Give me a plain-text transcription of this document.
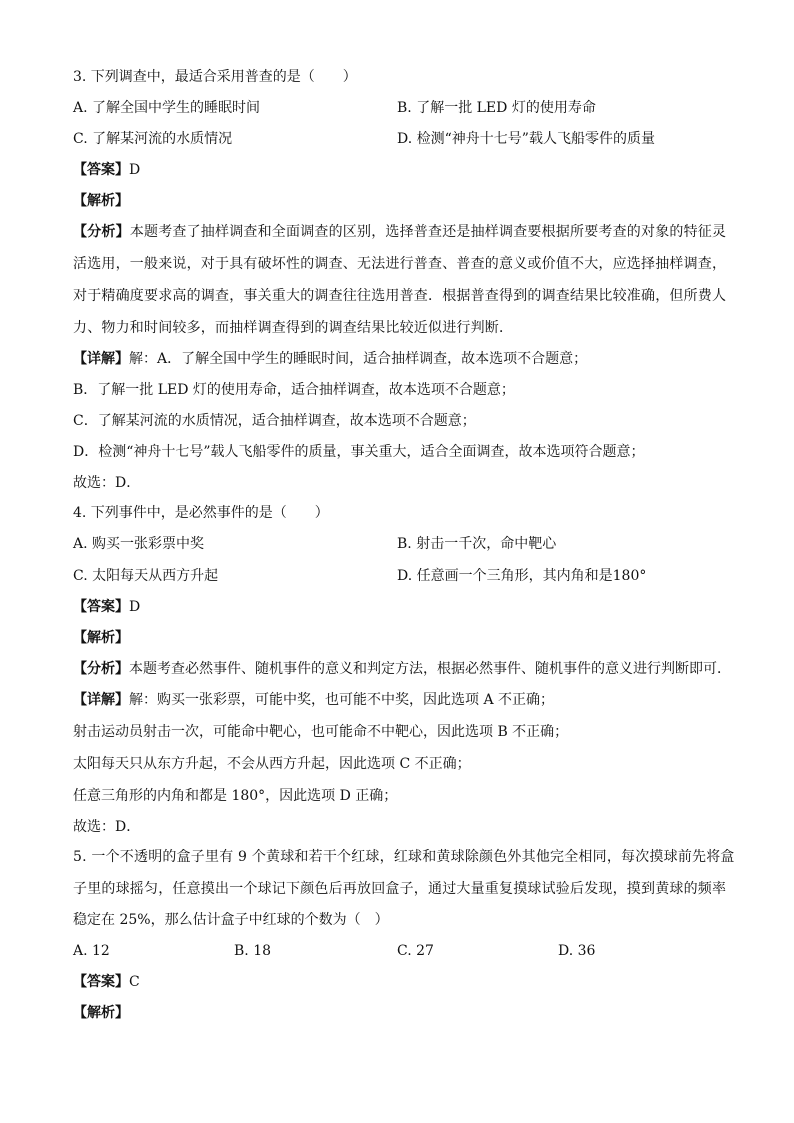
3. 下列调查中，最适合采用普查的是（　　）
A. 了解全国中学生的睡眠时间	B. 了解一批 LED 灯的使用寿命
C. 了解某河流的水质情况	D. 检测“神舟十七号”载人飞船零件的质量
【答案】D
【解析】
【分析】本题考查了抽样调查和全面调查的区别，选择普查还是抽样调查要根据所要考查的对象的特征灵
活选用，一般来说，对于具有破坏性的调查、无法进行普查、普查的意义或价值不大，应选择抽样调查，
对于精确度要求高的调查，事关重大的调查往往选用普查．根据普查得到的调查结果比较准确，但所费人
力、物力和时间较多，而抽样调查得到的调查结果比较近似进行判断．
【详解】解：A．了解全国中学生的睡眠时间，适合抽样调查，故本选项不合题意；
B．了解一批 LED 灯的使用寿命，适合抽样调查，故本选项不合题意；
C．了解某河流的水质情况，适合抽样调查，故本选项不合题意；
D．检测“神舟十七号”载人飞船零件的质量，事关重大，适合全面调查，故本选项符合题意；
故选：D．
4. 下列事件中，是必然事件的是（　　）
A. 购买一张彩票中奖	B. 射击一千次，命中靶心
C. 太阳每天从西方升起	D. 任意画一个三角形，其内角和是180°
【答案】D
【解析】
【分析】本题考查必然事件、随机事件的意义和判定方法，根据必然事件、随机事件的意义进行判断即可．
【详解】解：购买一张彩票，可能中奖，也可能不中奖，因此选项 A 不正确；
射击运动员射击一次，可能命中靶心，也可能命不中靶心，因此选项 B 不正确；
太阳每天只从东方升起，不会从西方升起，因此选项 C 不正确；
任意三角形的内角和都是 180°，因此选项 D 正确；
故选：D．
5. 一个不透明的盒子里有 9 个黄球和若干个红球，红球和黄球除颜色外其他完全相同，每次摸球前先将盒
子里的球摇匀，任意摸出一个球记下颜色后再放回盒子，通过大量重复摸球试验后发现，摸到黄球的频率
稳定在 25%，那么估计盒子中红球的个数为（　）
A. 12	B. 18	C. 27	D. 36
【答案】C
【解析】
